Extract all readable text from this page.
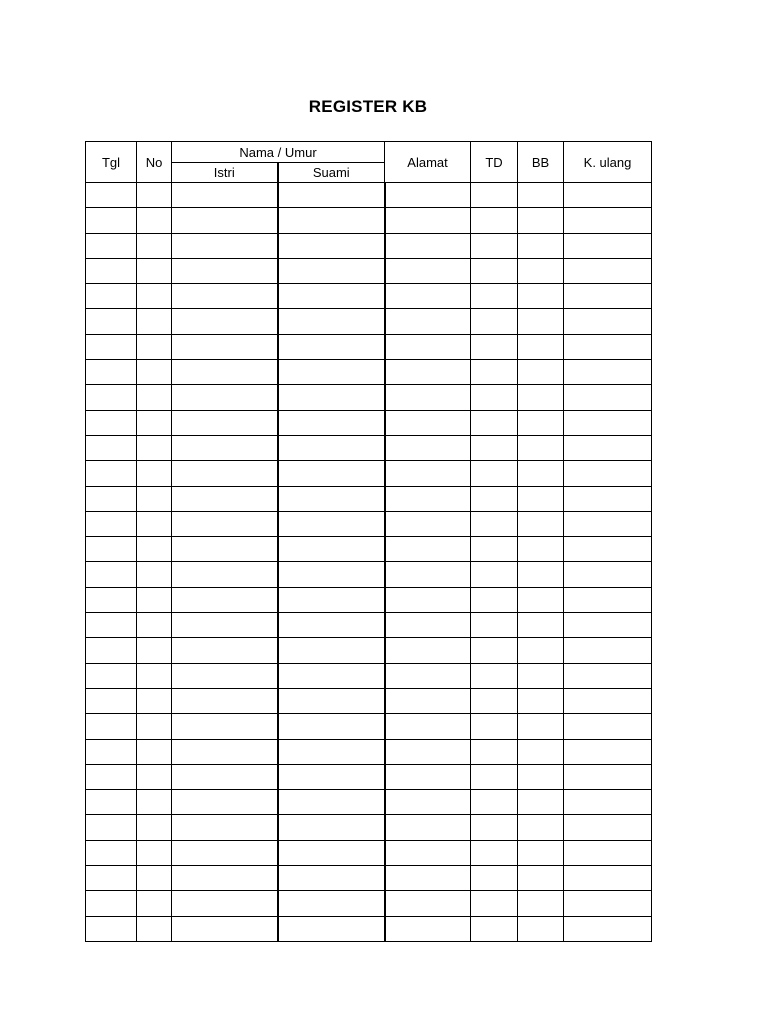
REGISTER KB
Tgl	No	Nama / Umur		Alamat	TD	BB	K. ulang
		Istri	Suami				
